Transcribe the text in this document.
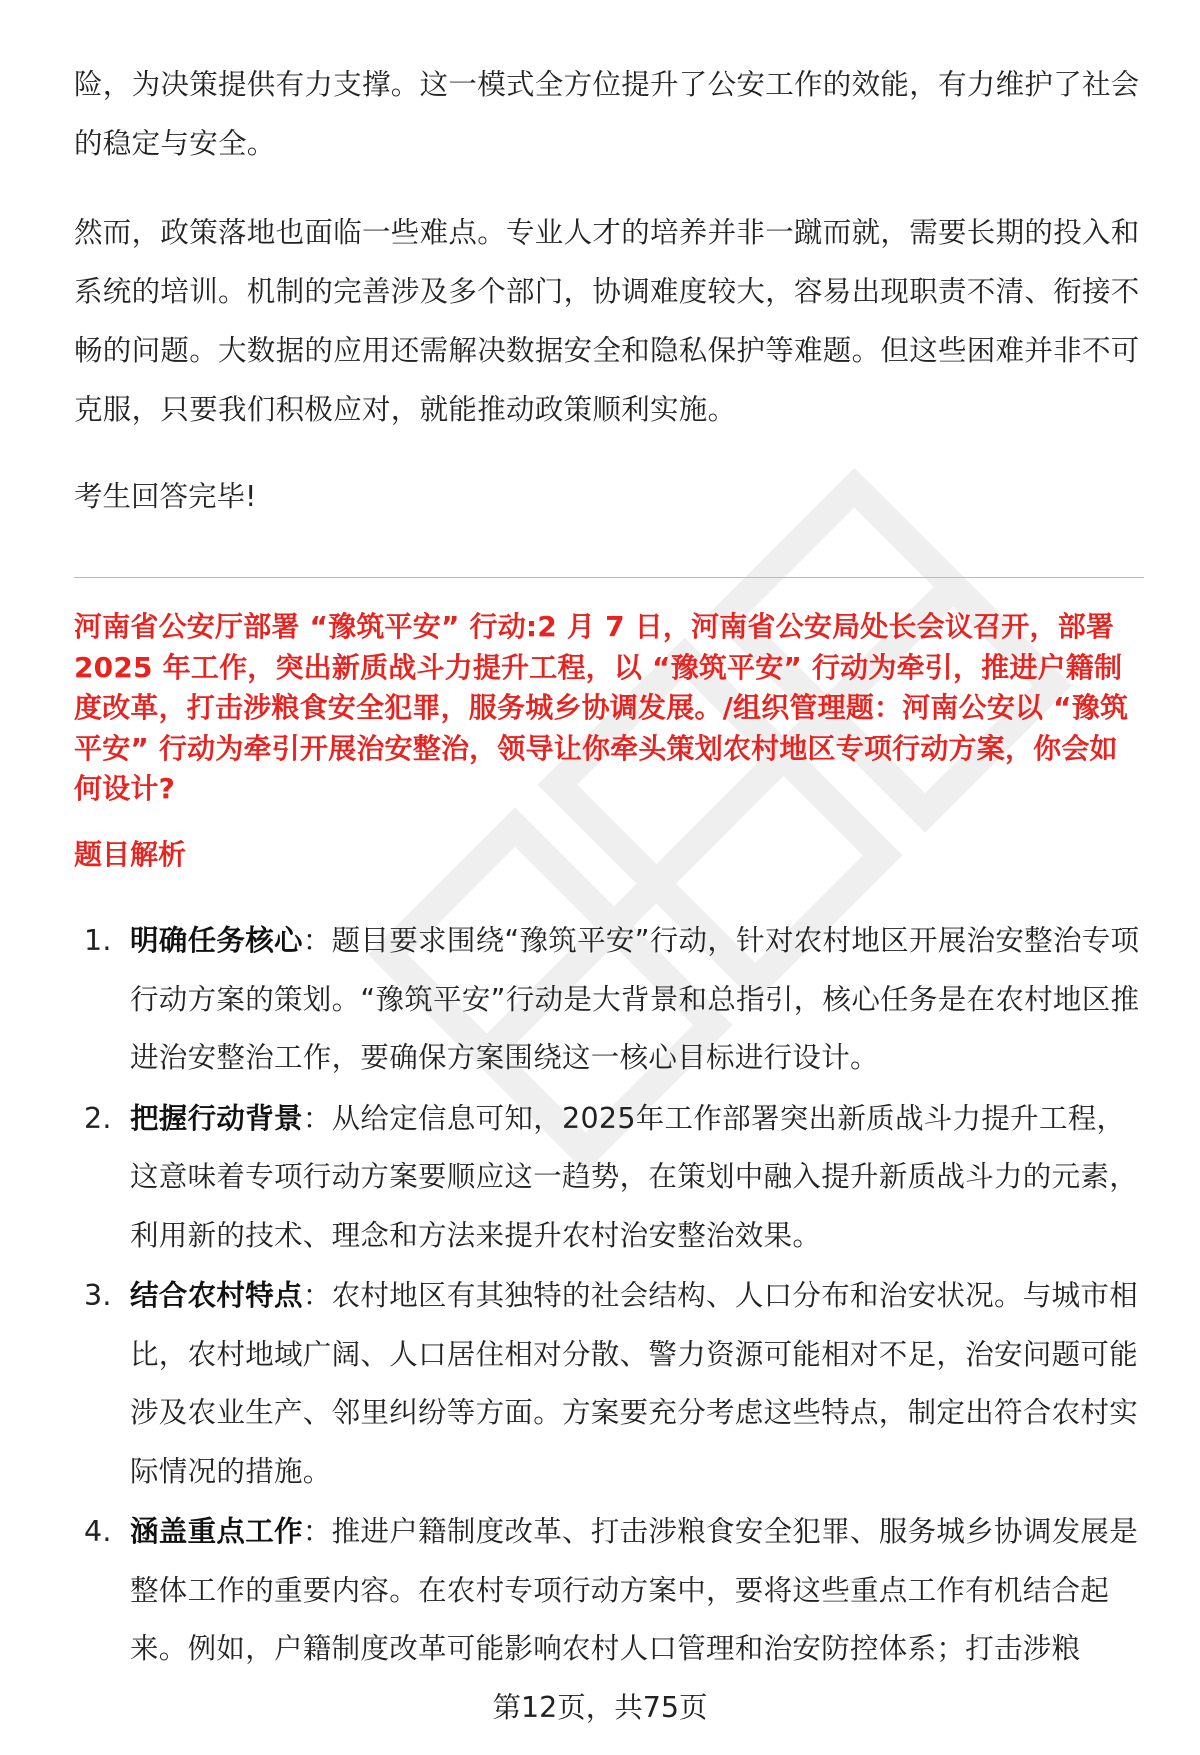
险，为决策提供有力支撑。这一模式全方位提升了公安工作的效能，有力维护了社会的稳定与安全。

然而，政策落地也面临一些难点。专业人才的培养并非一蹴而就，需要长期的投入和系统的培训。机制的完善涉及多个部门，协调难度较大，容易出现职责不清、衔接不畅的问题。大数据的应用还需解决数据安全和隐私保护等难题。但这些困难并非不可克服，只要我们积极应对，就能推动政策顺利实施。

考生回答完毕!

河南省公安厅部署 “豫筑平安” 行动:2 月 7 日，河南省公安局处长会议召开，部署 2025 年工作，突出新质战斗力提升工程，以 “豫筑平安” 行动为牵引，推进户籍制度改革，打击涉粮食安全犯罪，服务城乡协调发展。/组织管理题：河南公安以 “豫筑平安” 行动为牵引开展治安整治，领导让你牵头策划农村地区专项行动方案，你会如何设计?
题目解析
1. 明确任务核心：题目要求围绕“豫筑平安”行动，针对农村地区开展治安整治专项行动方案的策划。“豫筑平安”行动是大背景和总指引，核心任务是在农村地区推进治安整治工作，要确保方案围绕这一核心目标进行设计。
2. 把握行动背景：从给定信息可知，2025年工作部署突出新质战斗力提升工程，这意味着专项行动方案要顺应这一趋势，在策划中融入提升新质战斗力的元素，利用新的技术、理念和方法来提升农村治安整治效果。
3. 结合农村特点：农村地区有其独特的社会结构、人口分布和治安状况。与城市相比，农村地域广阔、人口居住相对分散、警力资源可能相对不足，治安问题可能涉及农业生产、邻里纠纷等方面。方案要充分考虑这些特点，制定出符合农村实际情况的措施。
4. 涵盖重点工作：推进户籍制度改革、打击涉粮食安全犯罪、服务城乡协调发展是整体工作的重要内容。在农村专项行动方案中，要将这些重点工作有机结合起来。例如，户籍制度改革可能影响农村人口管理和治安防控体系；打击涉粮
第12页，共75页
